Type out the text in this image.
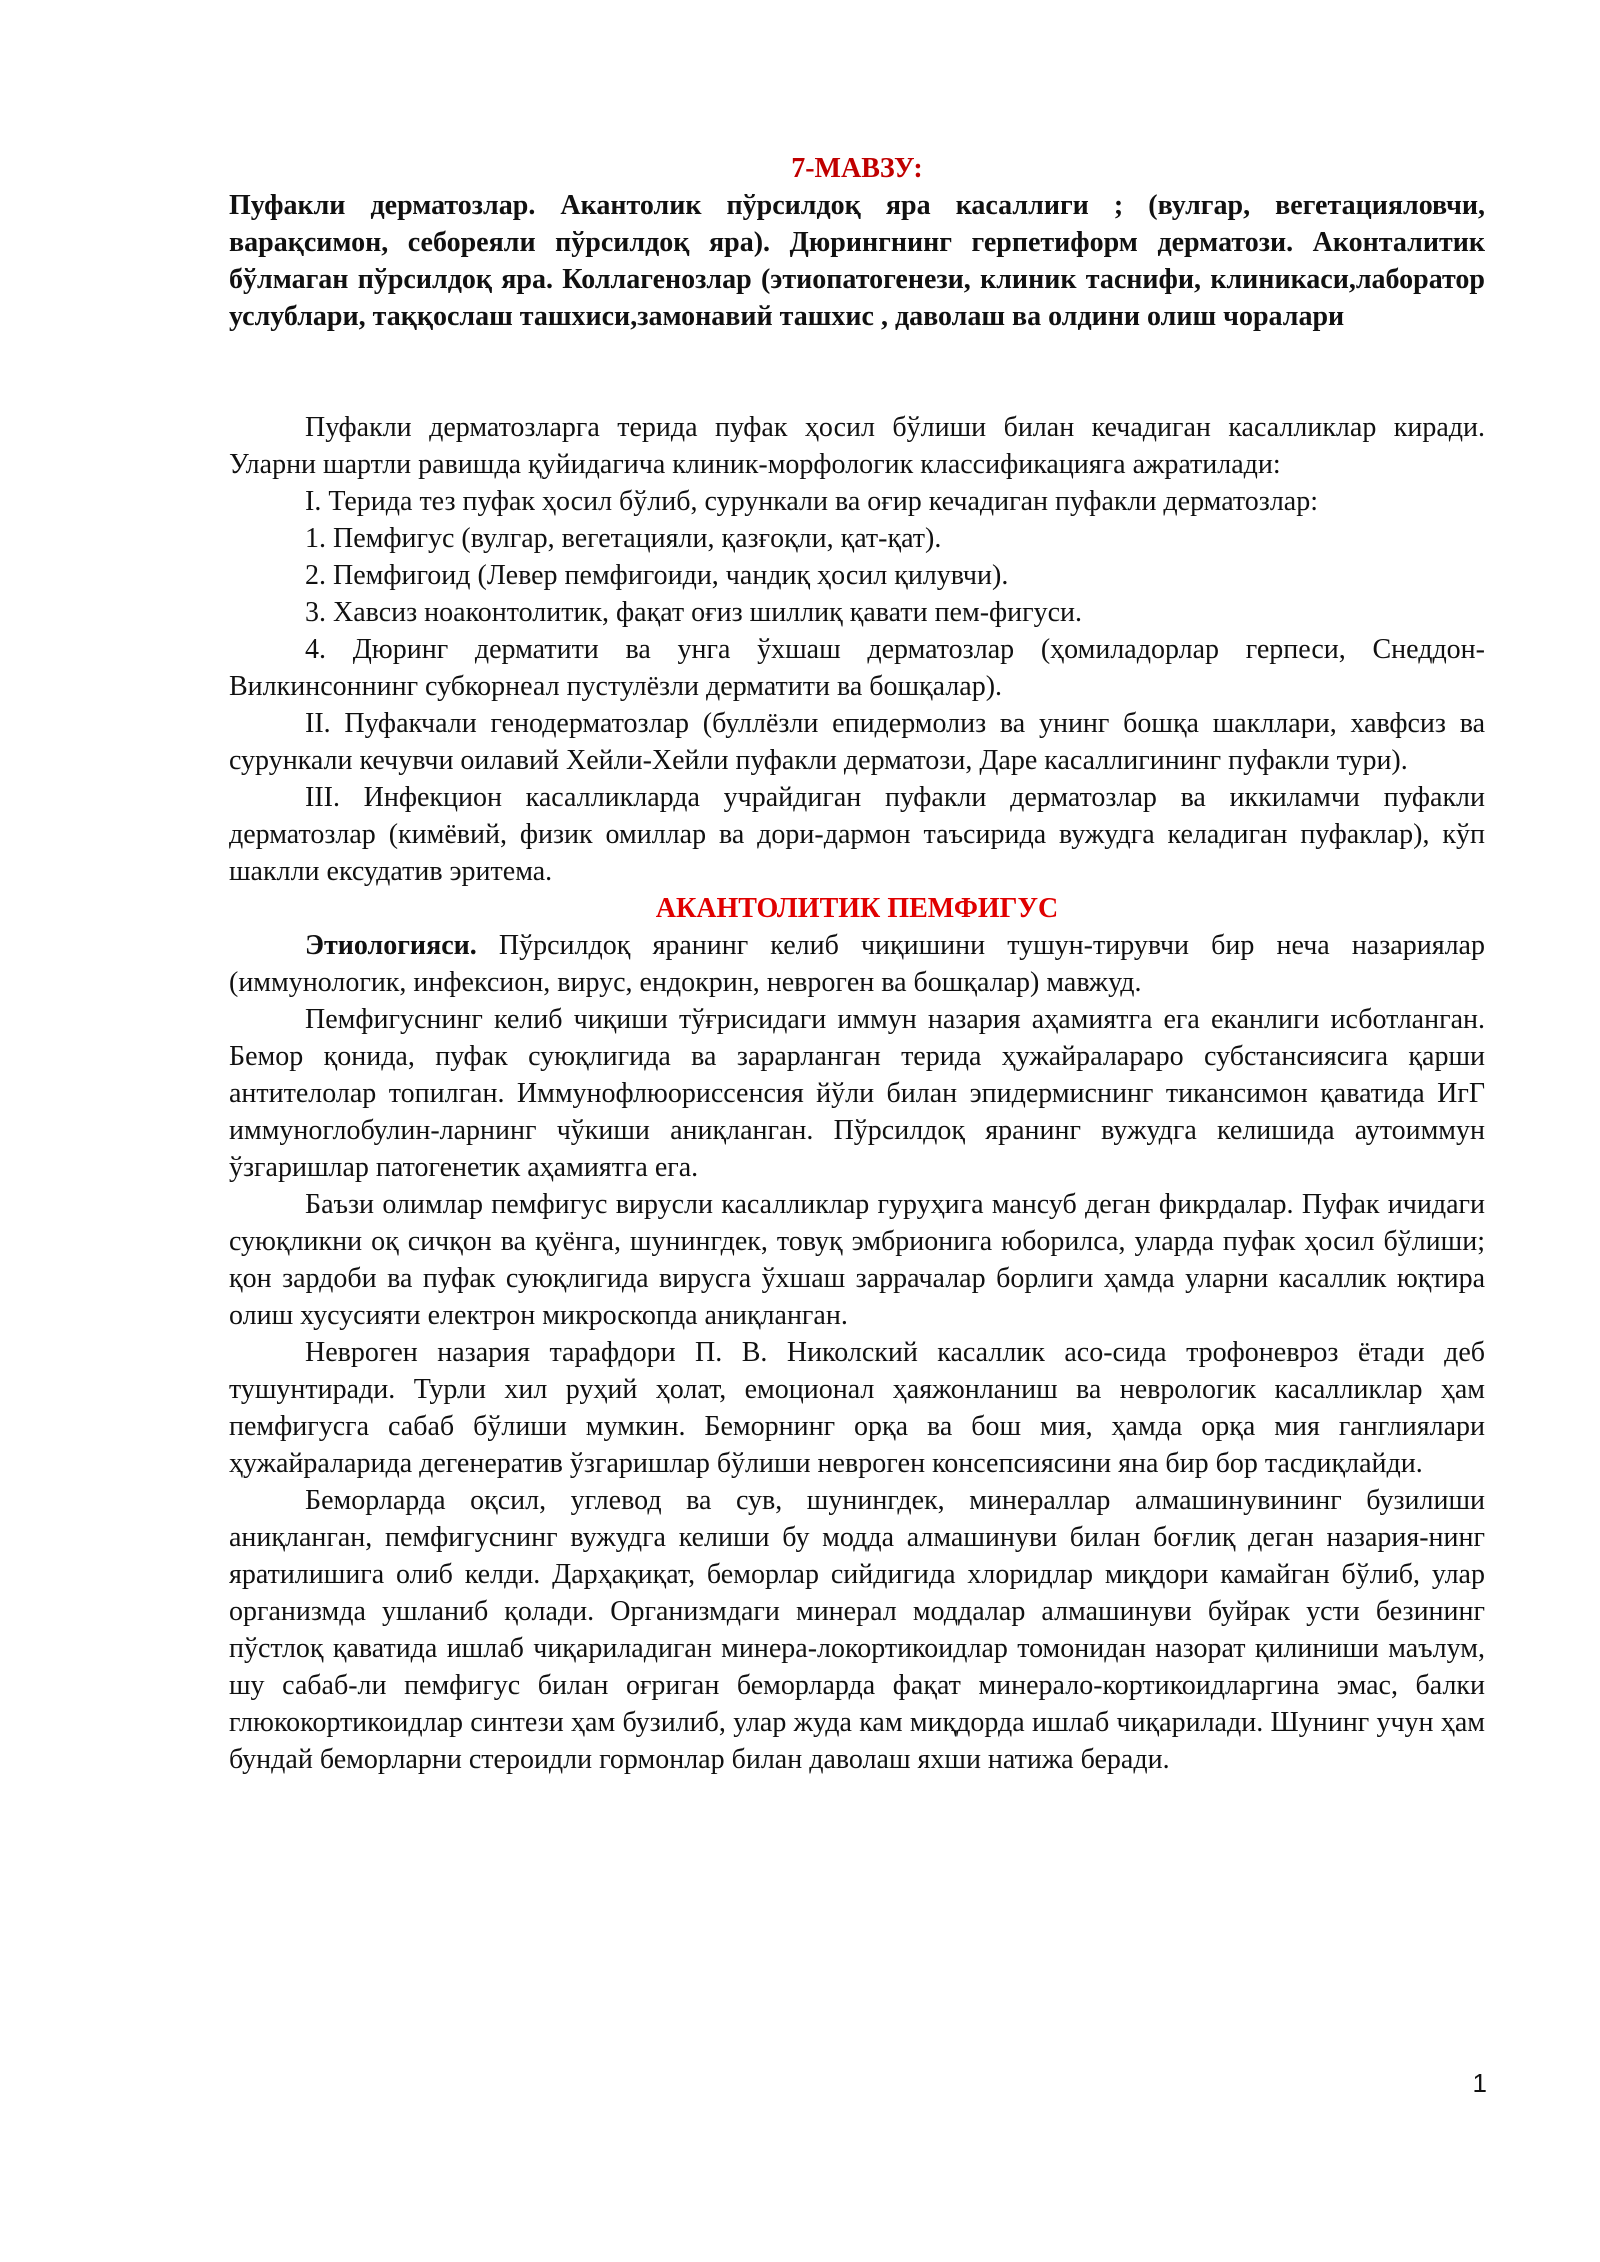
7-МАВЗУ:

Пуфакли дерматозлар. Акантолик пўрсилдоқ яра касаллиги ; (вулгар, вегетацияловчи, варақсимон, себореяли пўрсилдоқ яра). Дюрингнинг герпетиформ дерматози. Аконталитик бўлмаган пўрсилдоқ яра. Коллагенозлар (этиопатогенези, клиник таснифи, клиникаси,лаборатор услублари, таққослаш ташхиси,замонавий ташхис , даволаш ва олдини олиш чоралари

Пуфакли дерматозларга терида пуфак ҳосил бўлиши билан кечадиган касалликлар киради. Уларни шартли равишда қуйидагича клиник-морфологик классификацияга ажратилади:

I. Терида тез пуфак ҳосил бўлиб, сурункали ва оғир кечадиган пуфакли дерматозлар:

1. Пемфигус (вулгар, вегетацияли, қазғоқли, қат-қат).

2. Пемфигоид (Левер пемфигоиди, чандиқ ҳосил қилувчи).

3. Хавсиз ноаконтолитик, фақат оғиз шиллиқ қавати пем-фигуси.

4. Дюринг дерматити ва унга ўхшаш дерматозлар (ҳомиладорлар герпеси, Снеддон-Вилкинсоннинг субкорнеал пустулёзли дерматити ва бошқалар).

II. Пуфакчали генодерматозлар (буллёзли епидермолиз ва унинг бошқа шакллари, хавфсиз ва сурункали кечувчи оилавий Хейли-Хейли пуфакли дерматози, Даре касаллигининг пуфакли тури).

III. Инфекцион касалликларда учрайдиган пуфакли дерматозлар ва иккиламчи пуфакли дерматозлар (кимёвий, физик омиллар ва дори-дармон таъсирида вужудга келадиган пуфаклар), кўп шаклли ексудатив эритема.

АКАНТОЛИТИК ПЕМФИГУС

Этиологияси. Пўрсилдоқ яранинг келиб чиқишини тушун-тирувчи бир неча назариялар (иммунологик, инфексион, вирус, ендокрин, неврогeн ва бошқалар) мавжуд.

Пемфигуснинг келиб чиқиши тўғрисидаги иммун назария аҳамиятга ега еканлиги исботланган. Бемор қонида, пуфак суюқлигида ва зарарланган терида ҳужайралараро субстансиясига қарши антителолар топилган. Иммунофлюориссенсия йўли билан эпидермиснинг тикансимон қаватида ИгГ иммуноглобулин-ларнинг чўкиши аниқланган. Пўрсилдоқ яранинг вужудга келишида аутоиммун ўзгаришлар патогенетик аҳамиятга ега.

Баъзи олимлар пемфигус вирусли касалликлар гуруҳига мансуб деган фикрдалар. Пуфак ичидаги суюқликни оқ сичқон ва қуёнга, шунингдек, товуқ эмбрионига юборилса, уларда пуфак ҳосил бўлиши; қон зардоби ва пуфак суюқлигида вирусга ўхшаш заррачалар борлиги ҳамда уларни касаллик юқтира олиш хусусияти електрон микроскопда аниқланган.

Неврогeн назария тарафдори П. В. Николский касаллик асо-сида трофоневроз ётади деб тушунтиради. Турли хил руҳий ҳолат, емоционал ҳаяжонланиш ва неврологик касалликлар ҳам пемфигусга сабаб бўлиши мумкин. Беморнинг орқа ва бош мия, ҳамда орқа мия ганглиялари ҳужайраларида дегенератив ўзгаришлар бўлиши неврогeн консепсиясини яна бир бор тасдиқлайди.

Беморларда оқсил, углевод ва сув, шунингдек, минераллар алмашинувининг бузилиши аниқланган, пемфигуснинг вужудга келиши бу модда алмашинуви билан боғлиқ деган назария-нинг яратилишига олиб келди. Дарҳақиқат, беморлар сийдигида хлоридлар миқдори камайган бўлиб, улар организмда ушланиб қолади. Организмдаги минерал моддалар алмашинуви буйрак усти безининг пўстлоқ қаватида ишлаб чиқариладиган минера-локортикоидлар томонидан назорат қилиниши маълум, шу сабаб-ли пемфигус билан оғриган беморларда фақат минерало-кортикоидларгина эмас, балки глюкокортикоидлар синтези ҳам бузилиб, улар жуда кам миқдорда ишлаб чиқарилади. Шунинг учун ҳам бундай беморларни стероидли гормонлар билан даволаш яхши натижа беради.

1
